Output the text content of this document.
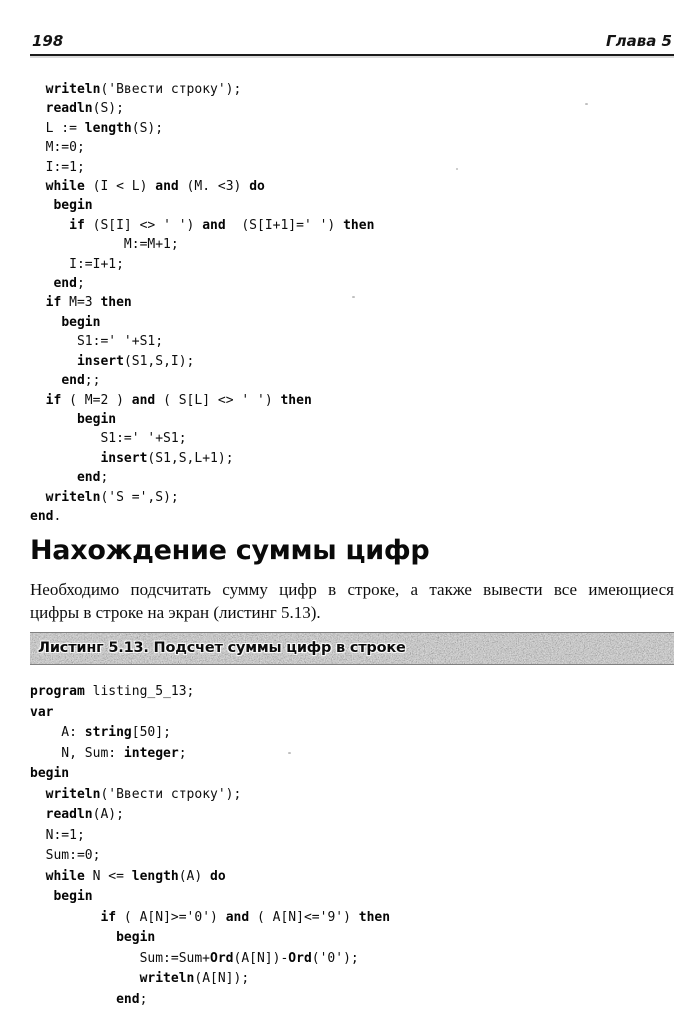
198	Глава 5
writeln('Ввести строку');
readln(S);
L := length(S);
M:=0;
I:=1;
while (I < L) and (M. <3) do
begin
if (S[I] <> ' ') and  (S[I+1]=' ') then
M:=M+1;
I:=I+1;
end;
if M=3 then
begin
S1:=' '+S1;
insert(S1,S,I);
end;;
if ( M=2 ) and ( S[L] <> ' ') then
begin
S1:=' '+S1;
insert(S1,S,L+1);
end;
writeln('S =',S);
end.
Нахождение суммы цифр
Необходимо подсчитать сумму цифр в строке, а также вывести все имеющиеся
цифры в строке на экран (листинг 5.13).
Листинг 5.13. Подсчет суммы цифр в строке
program listing_5_13;
var
A: string[50];
N, Sum: integer;
begin
writeln('Ввести строку');
readln(A);
N:=1;
Sum:=0;
while N <= length(A) do
begin
if ( A[N]>='0') and ( A[N]<='9') then
begin
Sum:=Sum+Ord(A[N])-Ord('0');
writeln(A[N]);
end;
